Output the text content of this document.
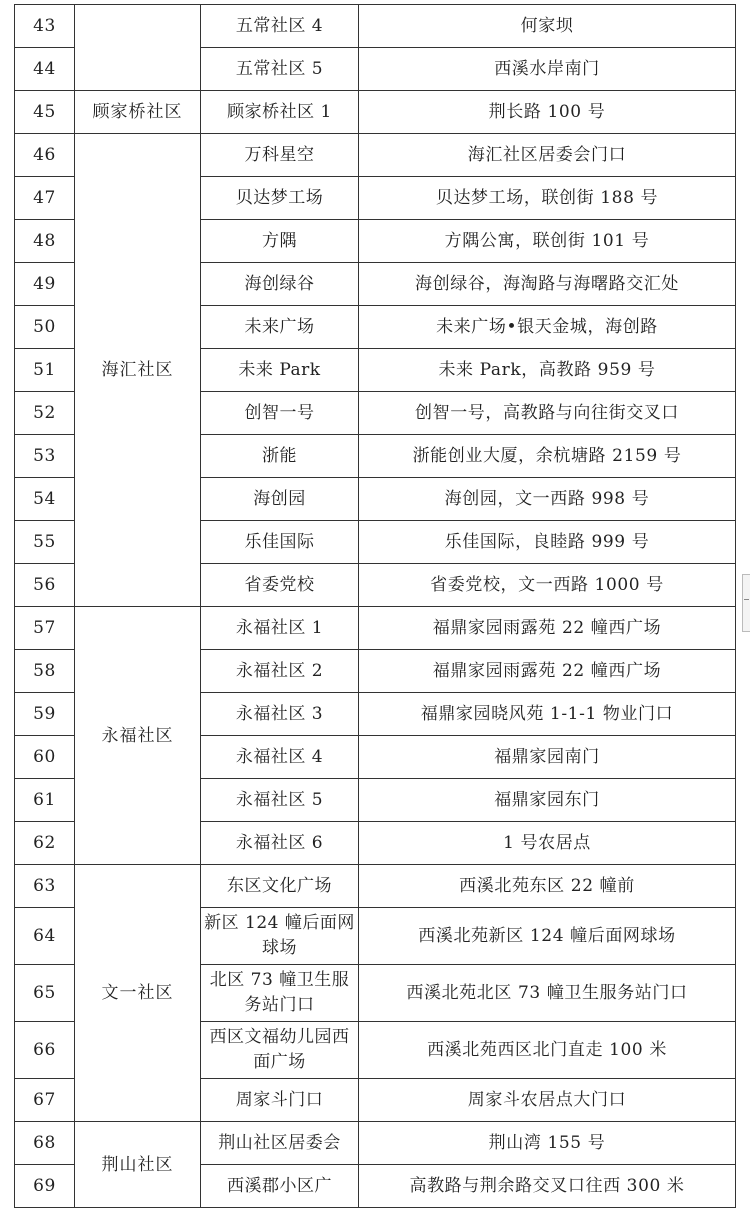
43		五常社区 4	何家坝
44		五常社区 5	西溪水岸南门
45	顾家桥社区	顾家桥社区 1	荆长路 100 号
46	海汇社区	万科星空	海汇社区居委会门口
47		贝达梦工场	贝达梦工场，联创街 188 号
48		方隅	方隅公寓，联创街 101 号
49		海创绿谷	海创绿谷，海淘路与海曙路交汇处
50		未来广场	未来广场•银天金城，海创路
51		未来 Park	未来 Park，高教路 959 号
52		创智一号	创智一号，高教路与向往街交叉口
53		浙能	浙能创业大厦，余杭塘路 2159 号
54		海创园	海创园，文一西路 998 号
55		乐佳国际	乐佳国际，良睦路 999 号
56		省委党校	省委党校，文一西路 1000 号
57	永福社区	永福社区 1	福鼎家园雨露苑 22 幢西广场
58		永福社区 2	福鼎家园雨露苑 22 幢西广场
59		永福社区 3	福鼎家园晓风苑 1-1-1 物业门口
60		永福社区 4	福鼎家园南门
61		永福社区 5	福鼎家园东门
62		永福社区 6	1 号农居点
63	文一社区	东区文化广场	西溪北苑东区 22 幢前
64		新区 124 幢后面网球场	西溪北苑新区 124 幢后面网球场
65		北区 73 幢卫生服务站门口	西溪北苑北区 73 幢卫生服务站门口
66		西区文福幼儿园西面广场	西溪北苑西区北门直走 100 米
67		周家斗门口	周家斗农居点大门口
68	荆山社区	荆山社区居委会	荆山湾 155 号
69		西溪郡小区广	高教路与荆余路交叉口往西 300 米
